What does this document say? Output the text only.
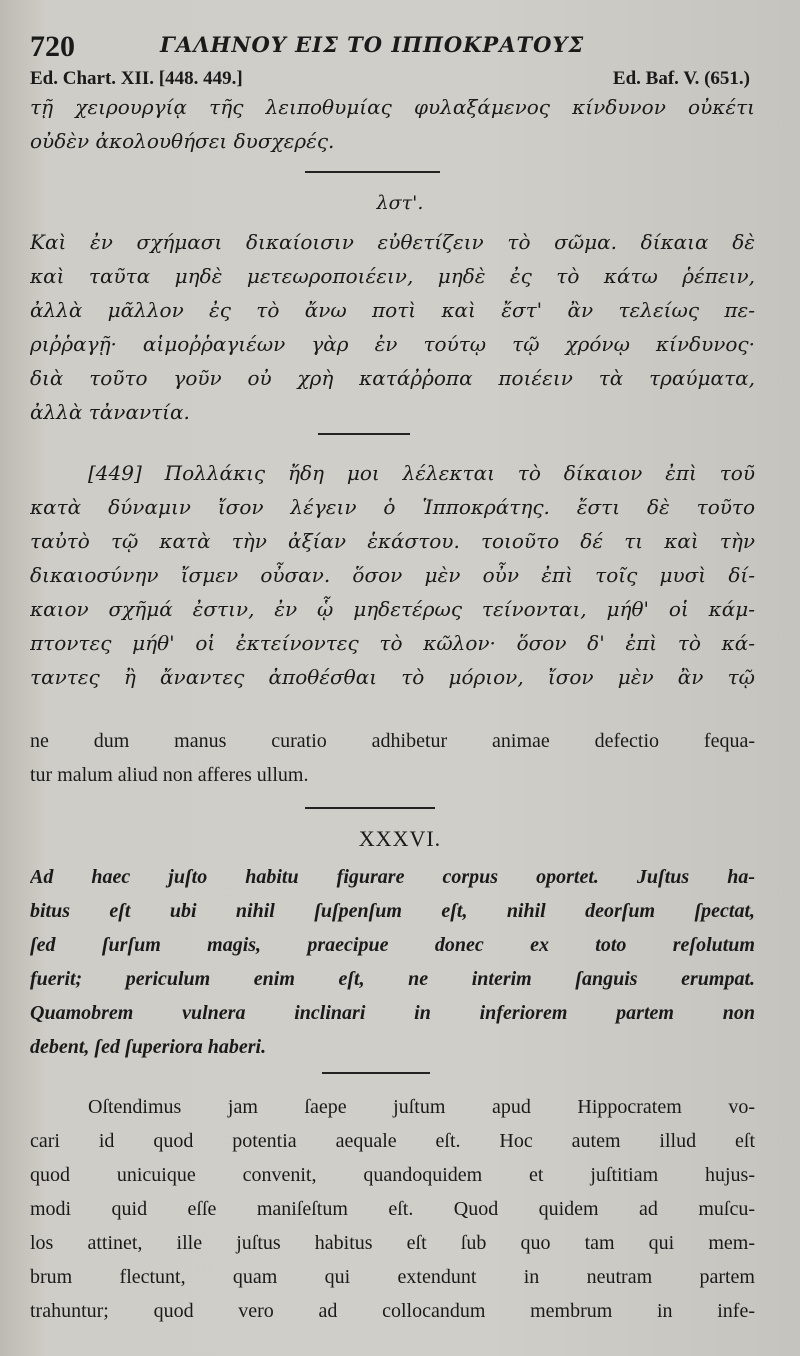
720	ΓΑΛΗΝΟΥ ΕΙΣ ΤΟ ΙΠΠΟΚΡΑΤΟΥΣ
Ed. Chart. XII. [448. 449.]	Ed. Baf. V. (651.)
τῇ χειρουργίᾳ τῆς λειποθυμίας φυλαξάμενος κίνδυνον οὐκέτι
οὐδὲν ἀκολουθήσει δυσχερές.
λστ'.
Καὶ ἐν σχήμασι δικαίοισιν εὐθετίζειν τὸ σῶμα. δίκαια δὲ
καὶ ταῦτα μηδὲ μετεωροποιέειν, μηδὲ ἐς τὸ κάτω ῥέπειν,
ἀλλὰ μᾶλλον ἐς τὸ ἄνω ποτὶ καὶ ἔστ' ἂν τελείως πε-
ριῤῥαγῇ· αἱμοῤῥαγιέων γὰρ ἐν τούτῳ τῷ χρόνῳ κίνδυνος·
διὰ τοῦτο γοῦν οὐ χρὴ κατάῤῥοπα ποιέειν τὰ τραύματα,
ἀλλὰ τἀναντία.
[449] Πολλάκις ἤδη μοι λέλεκται τὸ δίκαιον ἐπὶ τοῦ
κατὰ δύναμιν ἴσον λέγειν ὁ Ἱπποκράτης. ἔστι δὲ τοῦτο
ταὐτὸ τῷ κατὰ τὴν ἀξίαν ἑκάστου. τοιοῦτο δέ τι καὶ τὴν
δικαιοσύνην ἴσμεν οὖσαν. ὅσον μὲν οὖν ἐπὶ τοῖς μυσὶ δί-
καιον σχῆμά ἐστιν, ἐν ᾧ μηδετέρως τείνονται, μήθ' οἱ κάμ-
πτοντες μήθ' οἱ ἐκτείνοντες τὸ κῶλον· ὅσον δ' ἐπὶ τὸ κά-
ταντες ἢ ἄναντες ἀποθέσθαι τὸ μόριον, ἴσον μὲν ἂν τῷ
ne dum manus curatio adhibetur animae defectio fequa-
tur malum aliud non afferes ullum.
XXXVI.
Ad haec juſto habitu figurare corpus oportet. Juſtus ha-
bitus eſt ubi nihil ſuſpenſum eſt, nihil deorſum ſpectat,
ſed ſurſum magis, praecipue donec ex toto reſolutum
fuerit; periculum enim eſt, ne interim ſanguis erumpat.
Quamobrem vulnera inclinari in inferiorem partem non
debent, ſed ſuperiora haberi.
Oſtendimus jam ſaepe juſtum apud Hippocratem vo-
cari id quod potentia aequale eſt. Hoc autem illud eſt
quod unicuique convenit, quandoquidem et juſtitiam hujus-
modi quid eſſe maniſeſtum eſt. Quod quidem ad muſcu-
los attinet, ille juſtus habitus eſt ſub quo tam qui mem-
brum flectunt, quam qui extendunt in neutram partem
trahuntur; quod vero ad collocandum membrum in infe-
